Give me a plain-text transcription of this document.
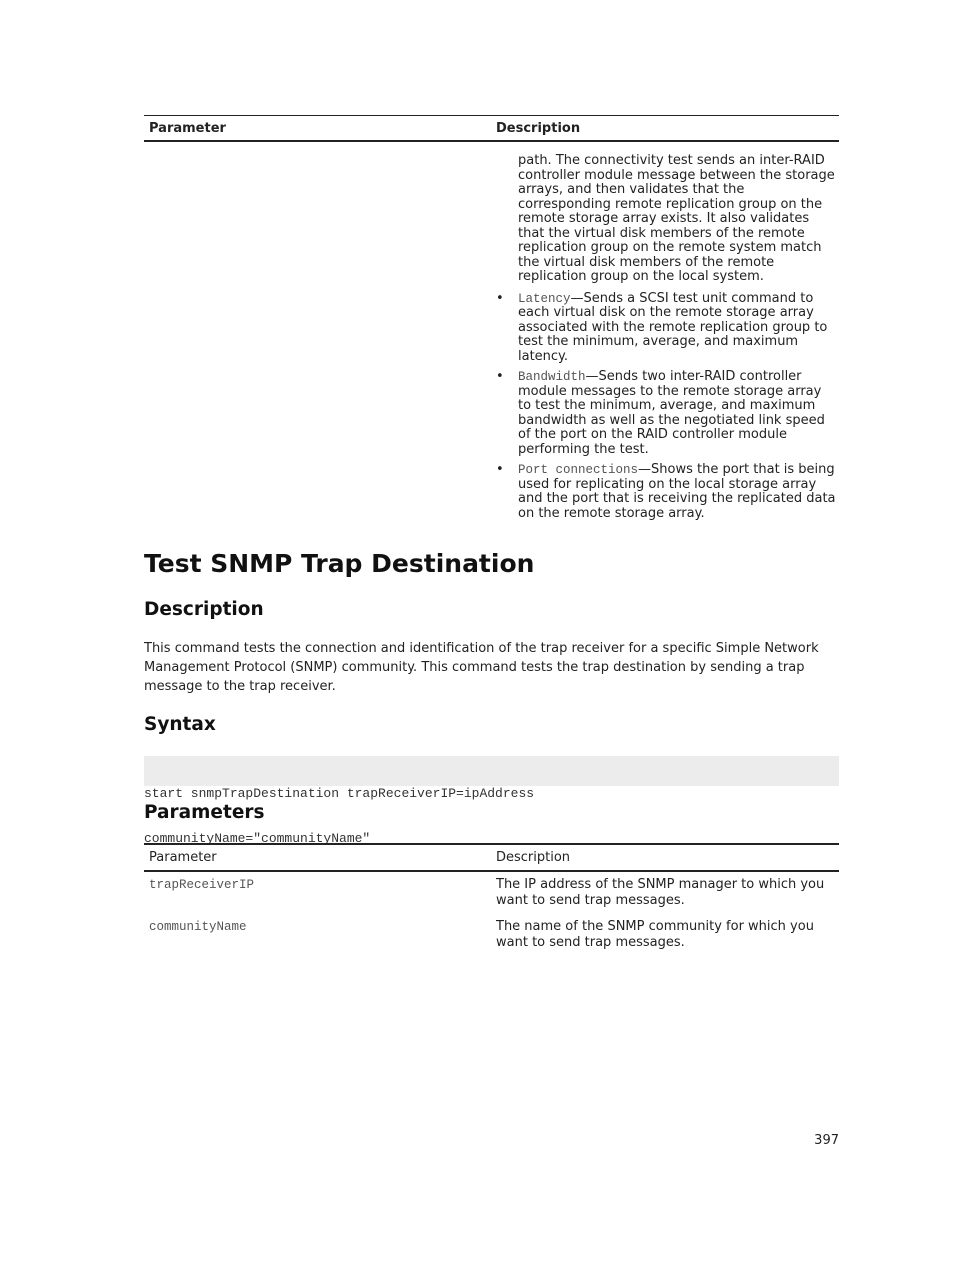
Parameter	Description
path. The connectivity test sends an inter-RAID controller module message between the storage arrays, and then validates that the corresponding remote replication group on the remote storage array exists. It also validates that the virtual disk members of the remote replication group on the remote system match the virtual disk members of the remote replication group on the local system.
• Latency—Sends a SCSI test unit command to each virtual disk on the remote storage array associated with the remote replication group to test the minimum, average, and maximum latency.
• Bandwidth—Sends two inter-RAID controller module messages to the remote storage array to test the minimum, average, and maximum bandwidth as well as the negotiated link speed of the port on the RAID controller module performing the test.
• Port connections—Shows the port that is being used for replicating on the local storage array and the port that is receiving the replicated data on the remote storage array.
Test SNMP Trap Destination
Description

This command tests the connection and identification of the trap receiver for a specific Simple Network Management Protocol (SNMP) community. This command tests the trap destination by sending a trap message to the trap receiver.

Syntax

start snmpTrapDestination trapReceiverIP=ipAddress

communityName="communityName"

Parameters
Parameter	Description
trapReceiverIP	The IP address of the SNMP manager to which you want to send trap messages.
communityName	The name of the SNMP community for which you want to send trap messages.
397
